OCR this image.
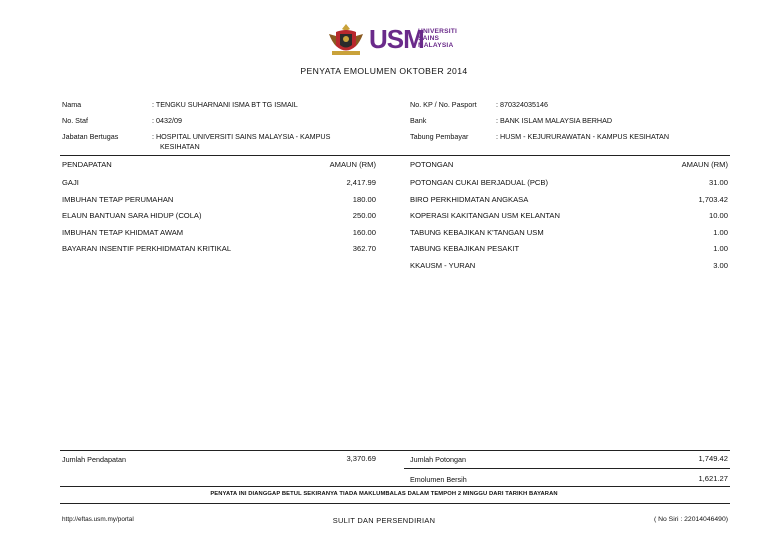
USM
UNIVERSITI
SAINS
MALAYSIA
PENYATA EMOLUMEN OKTOBER 2014
Nama	: TENGKU SUHARNANI ISMA BT TG ISMAIL
No. Staf	: 0432/09
Jabatan Bertugas	: HOSPITAL UNIVERSITI SAINS MALAYSIA - KAMPUS
KESIHATAN
No. KP / No. Pasport	: 870324035146
Bank	: BANK ISLAM MALAYSIA BERHAD
Tabung Pembayar	: HUSM - KEJURURAWATAN - KAMPUS KESIHATAN
PENDAPATAN	AMAUN (RM)	POTONGAN	AMAUN (RM)
GAJI	2,417.99
IMBUHAN TETAP PERUMAHAN	180.00
ELAUN BANTUAN SARA HIDUP (COLA)	250.00
IMBUHAN TETAP KHIDMAT AWAM	160.00
BAYARAN INSENTIF PERKHIDMATAN KRITIKAL	362.70
POTONGAN CUKAI BERJADUAL (PCB)	31.00
BIRO PERKHIDMATAN ANGKASA	1,703.42
KOPERASI KAKITANGAN USM KELANTAN	10.00
TABUNG KEBAJIKAN K'TANGAN USM	1.00
TABUNG KEBAJIKAN PESAKIT	1.00
KKAUSM - YURAN	3.00
Jumlah Pendapatan	3,370.69	Jumlah Potongan	1,749.42
Emolumen Bersih	1,621.27
PENYATA INI DIANGGAP BETUL SEKIRANYA TIADA MAKLUMBALAS DALAM TEMPOH 2 MINGGU DARI TARIKH BAYARAN
http://eftas.usm.my/portal	SULIT DAN PERSENDIRIAN	( No Siri : 22014046490)
